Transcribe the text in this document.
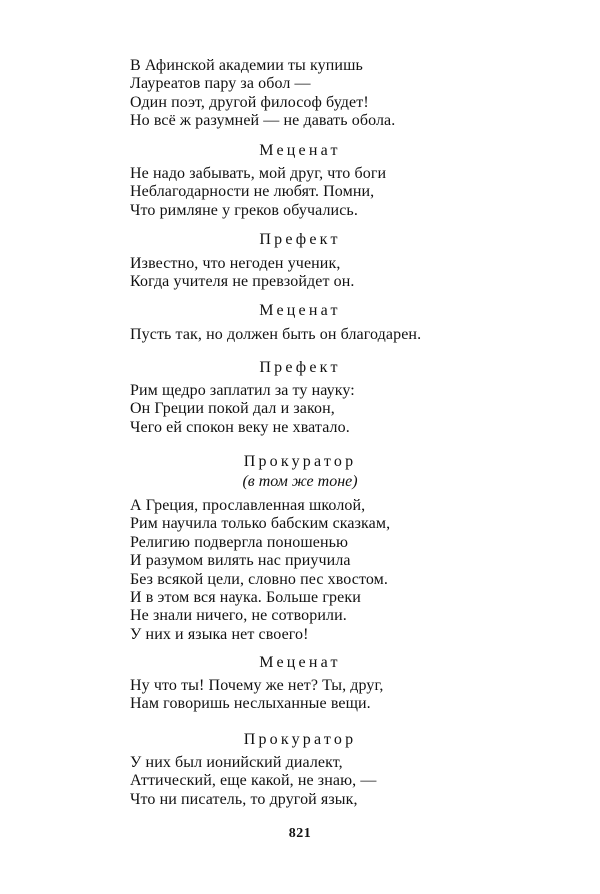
В Афинской академии ты купишь
Лауреатов пару за обол —
Один поэт, другой философ будет!
Но всё ж разумней — не давать обола.
Меценат
Не надо забывать, мой друг, что боги
Неблагодарности не любят. Помни,
Что римляне у греков обучались.
Префект
Известно, что негоден ученик,
Когда учителя не превзойдет он.
Меценат
Пусть так, но должен быть он благодарен.
Префект
Рим щедро заплатил за ту науку:
Он Греции покой дал и закон,
Чего ей спокон веку не хватало.
Прокуратор
(в том же тоне)
А Греция, прославленная школой,
Рим научила только бабским сказкам,
Религию подвергла поношенью
И разумом вилять нас приучила
Без всякой цели, словно пес хвостом.
И в этом вся наука. Больше греки
Не знали ничего, не сотворили.
У них и языка нет своего!
Меценат
Ну что ты! Почему же нет? Ты, друг,
Нам говоришь неслыханные вещи.
Прокуратор
У них был ионийский диалект,
Аттический, еще какой, не знаю, —
Что ни писатель, то другой язык,
821
